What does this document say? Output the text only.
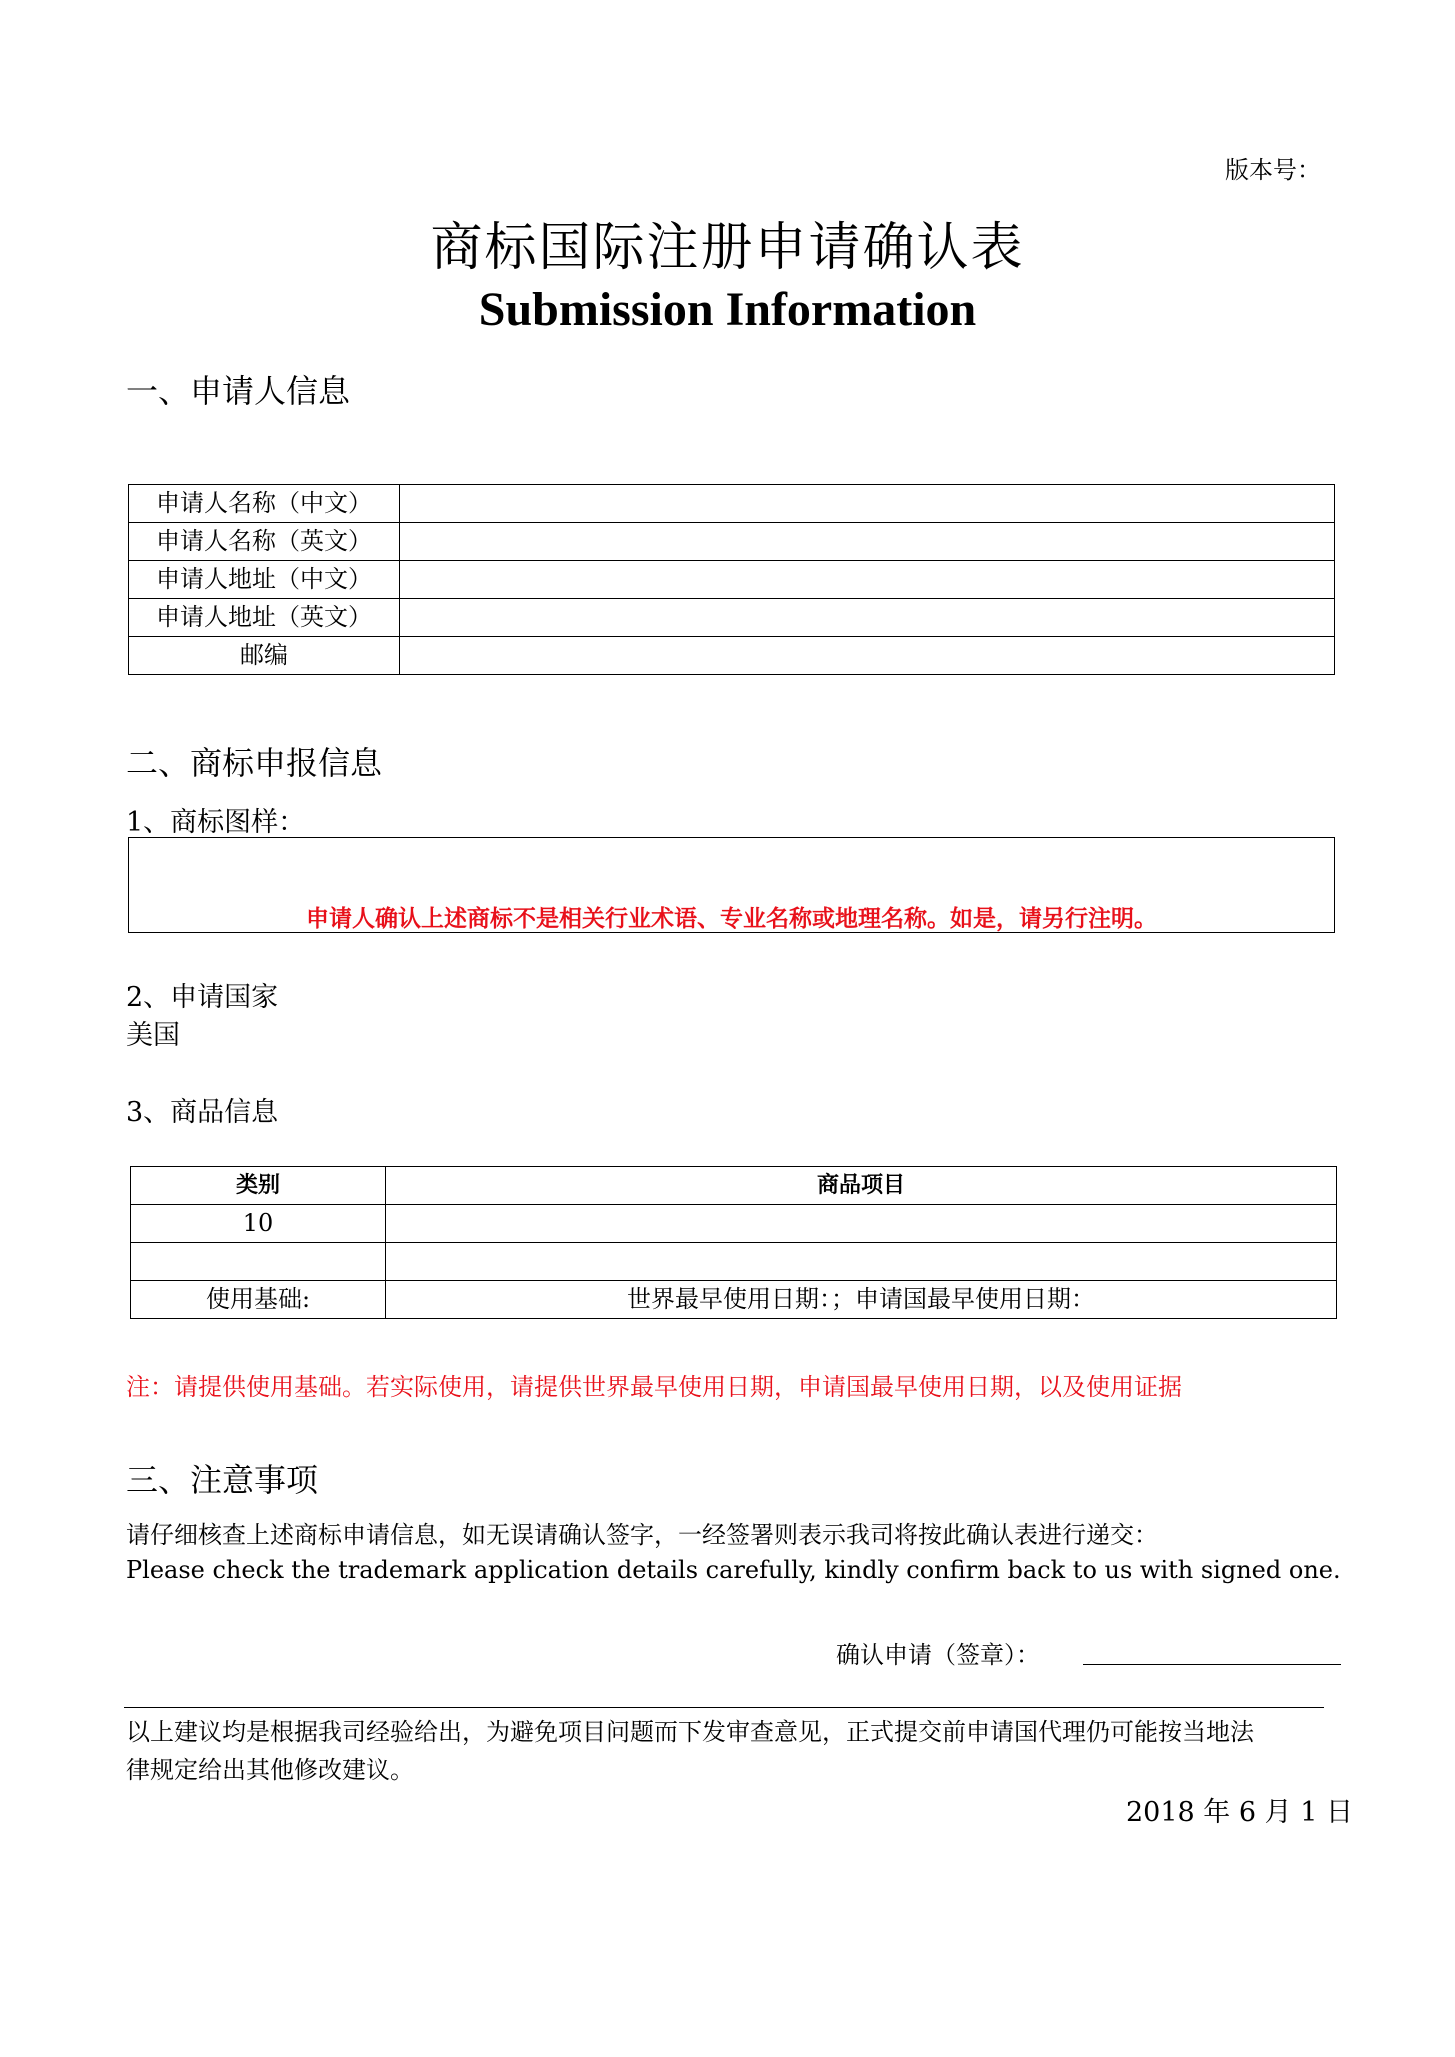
版本号：
商标国际注册申请确认表
Submission Information
一、申请人信息
申请人名称（中文）	
申请人名称（英文）	
申请人地址（中文）	
申请人地址（英文）	
邮编	
二、商标申报信息
1、商标图样：
申请人确认上述商标不是相关行业术语、专业名称或地理名称。如是，请另行注明。
2、申请国家
美国
3、商品信息
类别	商品项目
10	

使用基础:	世界最早使用日期：；申请国最早使用日期：
注：请提供使用基础。若实际使用，请提供世界最早使用日期，申请国最早使用日期，以及使用证据
三、注意事项
请仔细核查上述商标申请信息，如无误请确认签字，一经签署则表示我司将按此确认表进行递交：
Please check the trademark application details carefully, kindly confirm back to us with signed one.
确认申请（签章）：
以上建议均是根据我司经验给出，为避免项目问题而下发审查意见，正式提交前申请国代理仍可能按当地法
律规定给出其他修改建议。
2018 年 6 月 1 日
